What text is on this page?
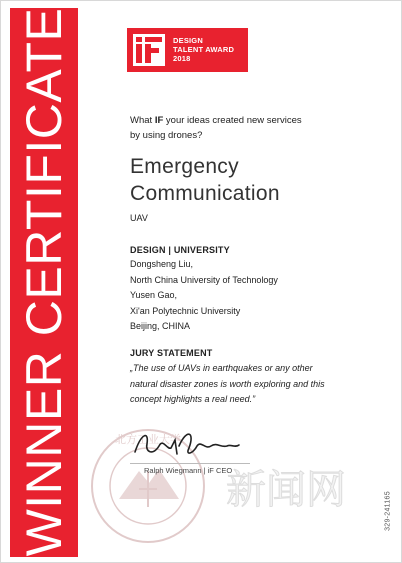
WINNER CERTIFICATE	DESIGN
TALENT AWARD
2018
What IF your ideas created new services
by using drones?
Emergency
Communication
UAV
DESIGN | UNIVERSITY
Dongsheng Liu,
North China University of Technology
Yusen Gao,
Xi'an Polytechnic University
Beijing, CHINA
JURY STATEMENT
„The use of UAVs in earthquakes or any other
natural disaster zones is worth exploring and this
concept highlights a real need.”
北方工业大学
Ralph Wiegmann | iF CEO
新闻网	329-241165
